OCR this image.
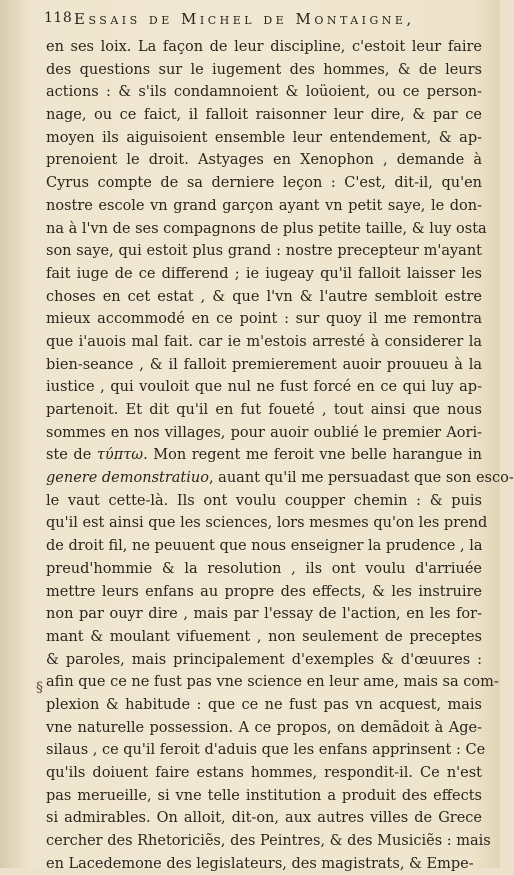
118 Essais de Michel de Montaigne,
§
en ses loix. La façon de leur discipline, c'estoit leur faire
des questions sur le iugement des hommes, & de leurs
actions : & s'ils condamnoient & loüoient, ou ce person-
nage, ou ce faict, il falloit raisonner leur dire, & par ce
moyen ils aiguisoient ensemble leur entendement, & ap-
prenoient le droit. Astyages en Xenophon , demande à
Cyrus compte de sa derniere leçon : C'est, dit-il, qu'en
nostre escole vn grand garçon ayant vn petit saye, le don-
na à l'vn de ses compagnons de plus petite taille, & luy osta
son saye, qui estoit plus grand : nostre precepteur m'ayant
fait iuge de ce differend ; ie iugeay qu'il falloit laisser les
choses en cet estat , & que l'vn & l'autre sembloit estre
mieux accommodé en ce point : sur quoy il me remontra
que i'auois mal fait. car ie m'estois arresté à considerer la
bien-seance , & il falloit premierement auoir prouueu à la
iustice , qui vouloit que nul ne fust forcé en ce qui luy ap-
partenoit. Et dit qu'il en fut foueté , tout ainsi que nous
sommes en nos villages, pour auoir oublié le premier Aori-
ste de τύπτω. Mon regent me feroit vne belle harangue in
genere demonstratiuo, auant qu'il me persuadast que son esco-
le vaut cette-là. Ils ont voulu coupper chemin : & puis
qu'il est ainsi que les sciences, lors mesmes qu'on les prend
de droit fil, ne peuuent que nous enseigner la prudence , la
preud'hommie & la resolution , ils ont voulu d'arriuée
mettre leurs enfans au propre des effects, & les instruire
non par ouyr dire , mais par l'essay de l'action, en les for-
mant & moulant vifuement , non seulement de preceptes
& paroles, mais principalement d'exemples & d'œuures :
afin que ce ne fust pas vne science en leur ame, mais sa com-
plexion & habitude : que ce ne fust pas vn acquest, mais
vne naturelle possession. A ce propos, on demãdoit à Age-
silaus , ce qu'il feroit d'aduis que les enfans apprinsent : Ce
qu'ils doiuent faire estans hommes, respondit-il. Ce n'est
pas merueille, si vne telle institution a produit des effects
si admirables. On alloit, dit-on, aux autres villes de Grece
cercher des Rhetoriciẽs, des Peintres, & des Musiciẽs : mais
en Lacedemone des legislateurs, des magistrats, & Empe-
